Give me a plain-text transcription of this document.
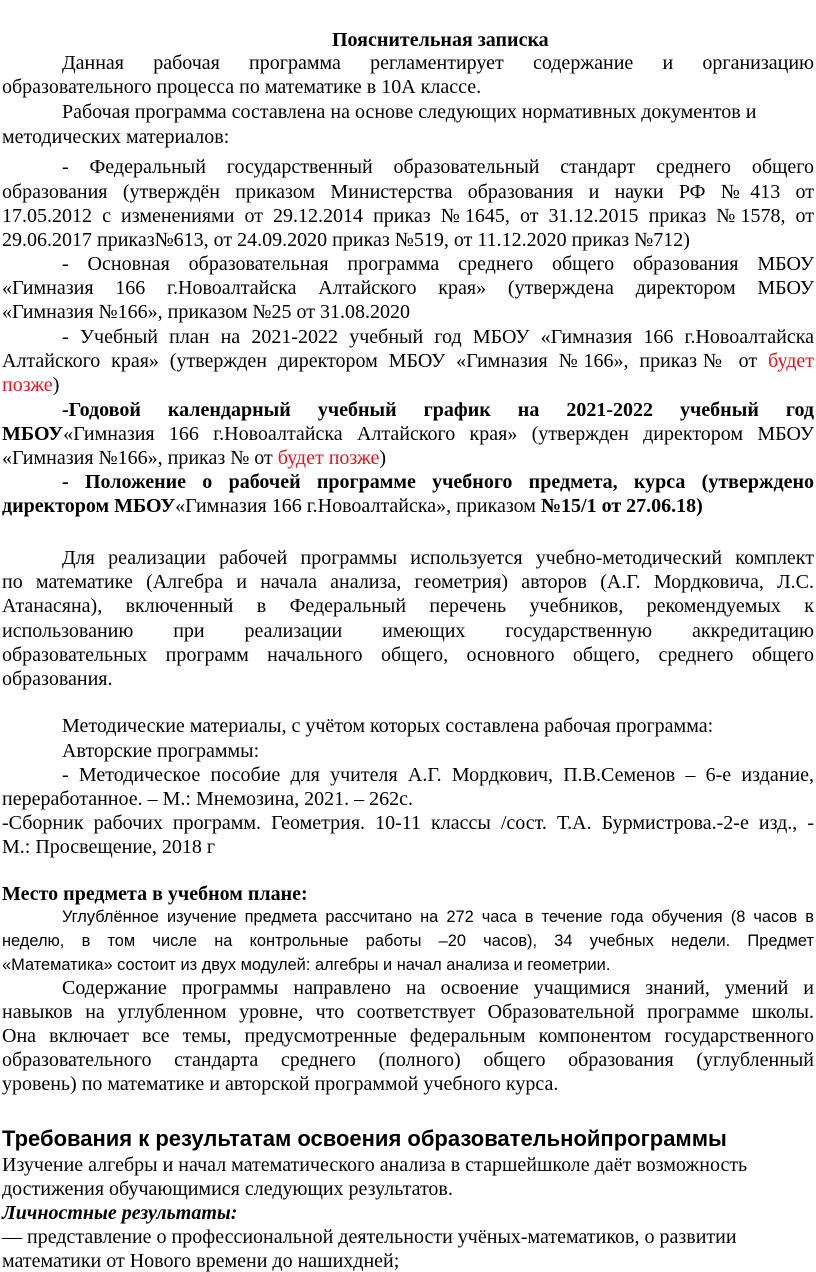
Пояснительная записка
Данная рабочая программа регламентирует содержание и организацию
образовательного процесса по математике в 10А классе.
Рабочая программа составлена на основе следующих нормативных документов и
методических материалов:
- Федеральный государственный образовательный стандарт среднего общего
образования (утверждён приказом Министерства образования и науки РФ №413 от
17.05.2012 с изменениями от 29.12.2014 приказ №1645, от 31.12.2015 приказ №1578, от
29.06.2017 приказ№613, от 24.09.2020 приказ №519, от 11.12.2020 приказ №712)
- Основная образовательная программа среднего общего образования МБОУ
«Гимназия 166 г.Новоалтайска Алтайского края» (утверждена директором МБОУ
«Гимназия №166», приказом №25 от 31.08.2020
- Учебный план на 2021-2022 учебный год МБОУ «Гимназия 166 г.Новоалтайска
Алтайского края» (утвержден директором МБОУ «Гимназия №166», приказ№ от будет
позже)
-Годовой календарный учебный график на 2021-2022 учебный год
МБОУ«Гимназия 166 г.Новоалтайска Алтайского края» (утвержден директором МБОУ
«Гимназия №166», приказ № от будет позже)
- Положение о рабочей программе учебного предмета, курса (утверждено
директором МБОУ«Гимназия 166 г.Новоалтайска», приказом №15/1 от 27.06.18)
Для реализации рабочей программы используется учебно-методический комплект
по математике (Алгебра и начала анализа, геометрия) авторов (А.Г. Мордковича, Л.С.
Атанасяна), включенный в Федеральный перечень учебников, рекомендуемых к
использованию при реализации имеющих государственную аккредитацию
образовательных программ начального общего, основного общего, среднего общего
образования.
Методические материалы, с учётом которых составлена рабочая программа:
Авторские программы:
- Методическое пособие для учителя А.Г. Мордкович, П.В.Семенов – 6-е издание,
переработанное. – М.: Мнемозина, 2021. – 262с.
-Сборник рабочих программ. Геометрия. 10-11 классы /сост. Т.А. Бурмистрова.-2-е изд., -
М.: Просвещение, 2018 г
Место предмета в учебном плане:
Углублённое изучение предмета рассчитано на 272 часа в течение года обучения (8 часов в
неделю, в том числе на контрольные работы –20 часов), 34 учебных недели. Предмет
«Математика» состоит из двух модулей: алгебры и начал анализа и геометрии.
Содержание программы направлено на освоение учащимися знаний, умений и
навыков на углубленном уровне, что соответствует Образовательной программе школы.
Она включает все темы, предусмотренные федеральным компонентом государственного
образовательного стандарта среднего (полного) общего образования (углубленный
уровень) по математике и авторской программой учебного курса.
Требования к результатам освоения образовательнойпрограммы
Изучение алгебры и начал математического анализа в старшейшколе даёт возможность
достижения обучающимися следующих результатов.
Личностные результаты:
— представление о профессиональной деятельности учёных-математиков, о развитии
математики от Нового времени до нашихдней;
